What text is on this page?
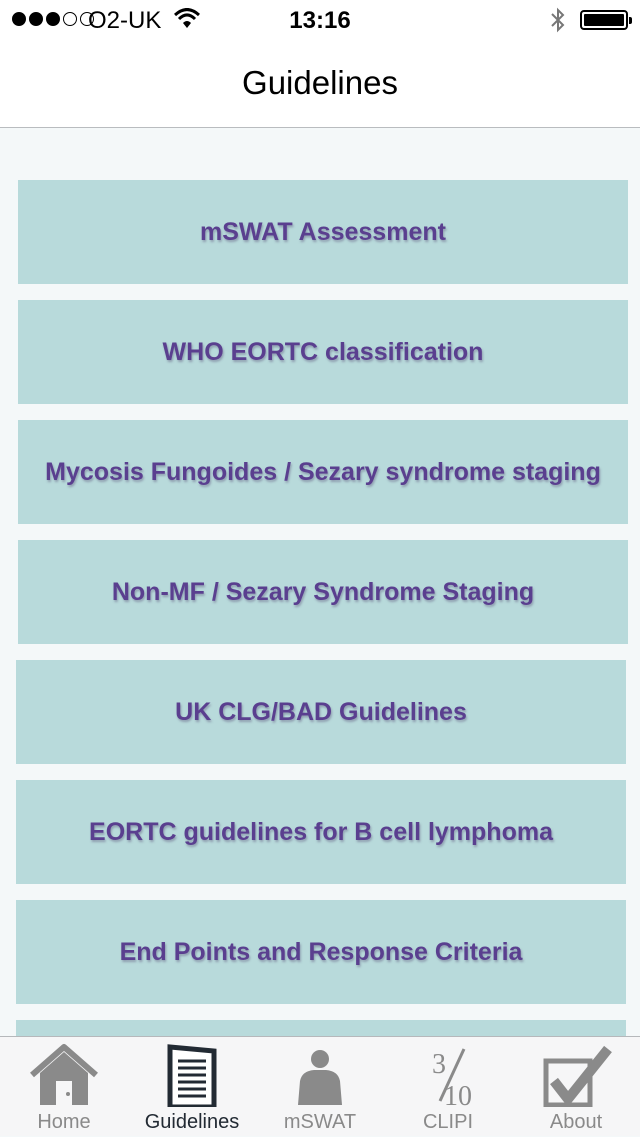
O2-UK	13:16
Guidelines
mSWAT Assessment
WHO EORTC classification
Mycosis Fungoides / Sezary syndrome staging
Non-MF / Sezary Syndrome Staging
UK CLG/BAD Guidelines
EORTC guidelines for B cell lymphoma
End Points and Response Criteria
Home	Guidelines	mSWAT
3
10
CLIPI	About
